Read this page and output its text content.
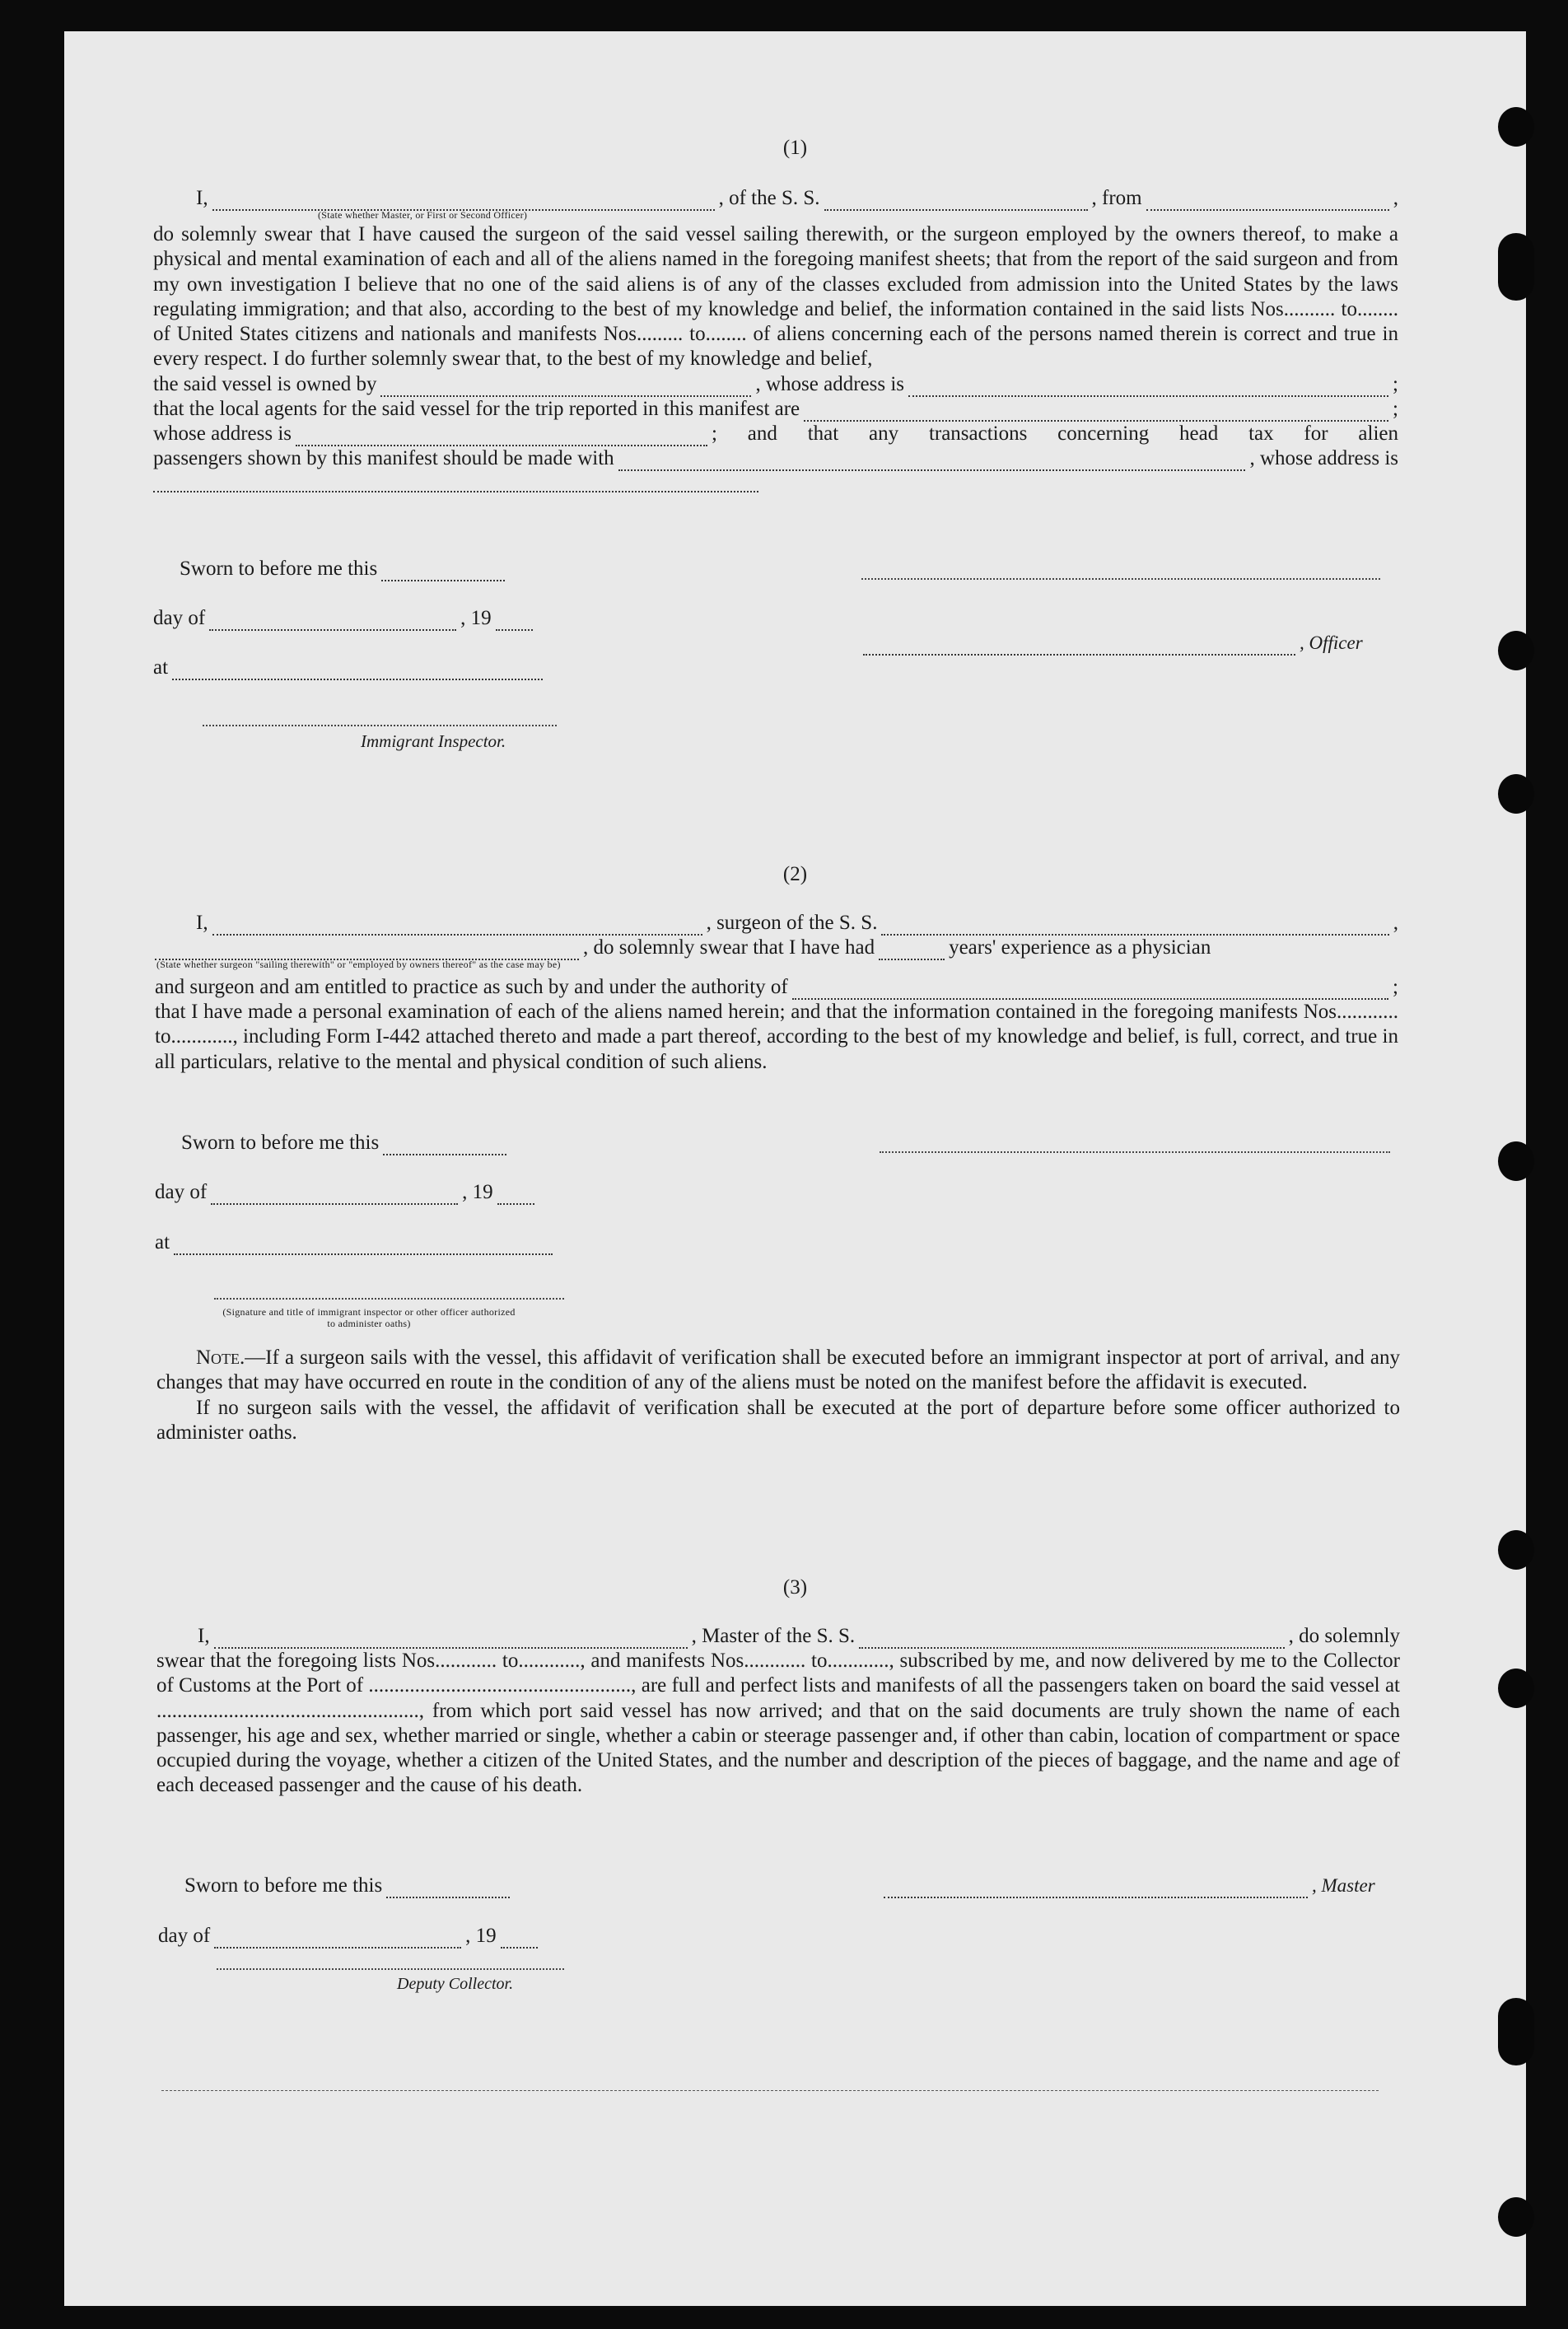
(1)
I,	, of the S. S.	, from	,
(State whether Master, or First or Second Officer)

do solemnly swear that I have caused the surgeon of the said vessel sailing therewith, or the surgeon employed by the owners thereof, to make a physical and mental examination of each and all of the aliens named in the foregoing manifest sheets; that from the report of the said surgeon and from my own investigation I believe that no one of the said aliens is of any of the classes excluded from admission into the United States by the laws regulating immigration; and that also, according to the best of my knowledge and belief, the information contained in the said lists Nos.......... to........ of United States citizens and nationals and manifests Nos......... to........ of aliens concerning each of the persons named therein is correct and true in every respect. I do further solemnly swear that, to the best of my knowledge and belief,

the said vessel is owned by	, whose address is	;
that the local agents for the said vessel for the trip reported in this manifest are	;
whose address is	; and that any transactions concerning head tax for alien
passengers shown by this manifest should be made with	, whose address is
Sworn to before me this
day of	, 19
at
Immigrant Inspector.
, Officer
(2)
I,	, surgeon of the S. S.	,
, do solemnly swear that I have had	years' experience as a physician
(State whether surgeon "sailing therewith" or "employed by owners thereof" as the case may be)
and surgeon and am entitled to practice as such by and under the authority of	;

that I have made a personal examination of each of the aliens named herein; and that the information contained in the foregoing manifests Nos............ to............, including Form I-442 attached thereto and made a part thereof, according to the best of my knowledge and belief, is full, correct, and true in all particulars, relative to the mental and physical condition of such aliens.

Sworn to before me this
day of	, 19
at
(Signature and title of immigrant inspector or other officer authorized to administer oaths)

Note.—If a surgeon sails with the vessel, this affidavit of verification shall be executed before an immigrant inspector at port of arrival, and any changes that may have occurred en route in the condition of any of the aliens must be noted on the manifest before the affidavit is executed.

If no surgeon sails with the vessel, the affidavit of verification shall be executed at the port of departure before some officer authorized to administer oaths.

(3)
I,	, Master of the S. S.	, do solemnly

swear that the foregoing lists Nos............ to............, and manifests Nos............ to............, subscribed by me, and now delivered by me to the Collector of Customs at the Port of ..................................................., are full and perfect lists and manifests of all the passengers taken on board the said vessel at ..................................................., from which port said vessel has now arrived; and that on the said documents are truly shown the name of each passenger, his age and sex, whether married or single, whether a cabin or steerage passenger and, if other than cabin, location of compartment or space occupied during the voyage, whether a citizen of the United States, and the number and description of the pieces of baggage, and the name and age of each deceased passenger and the cause of his death.

Sworn to before me this
day of	, 19
Deputy Collector.
, Master
